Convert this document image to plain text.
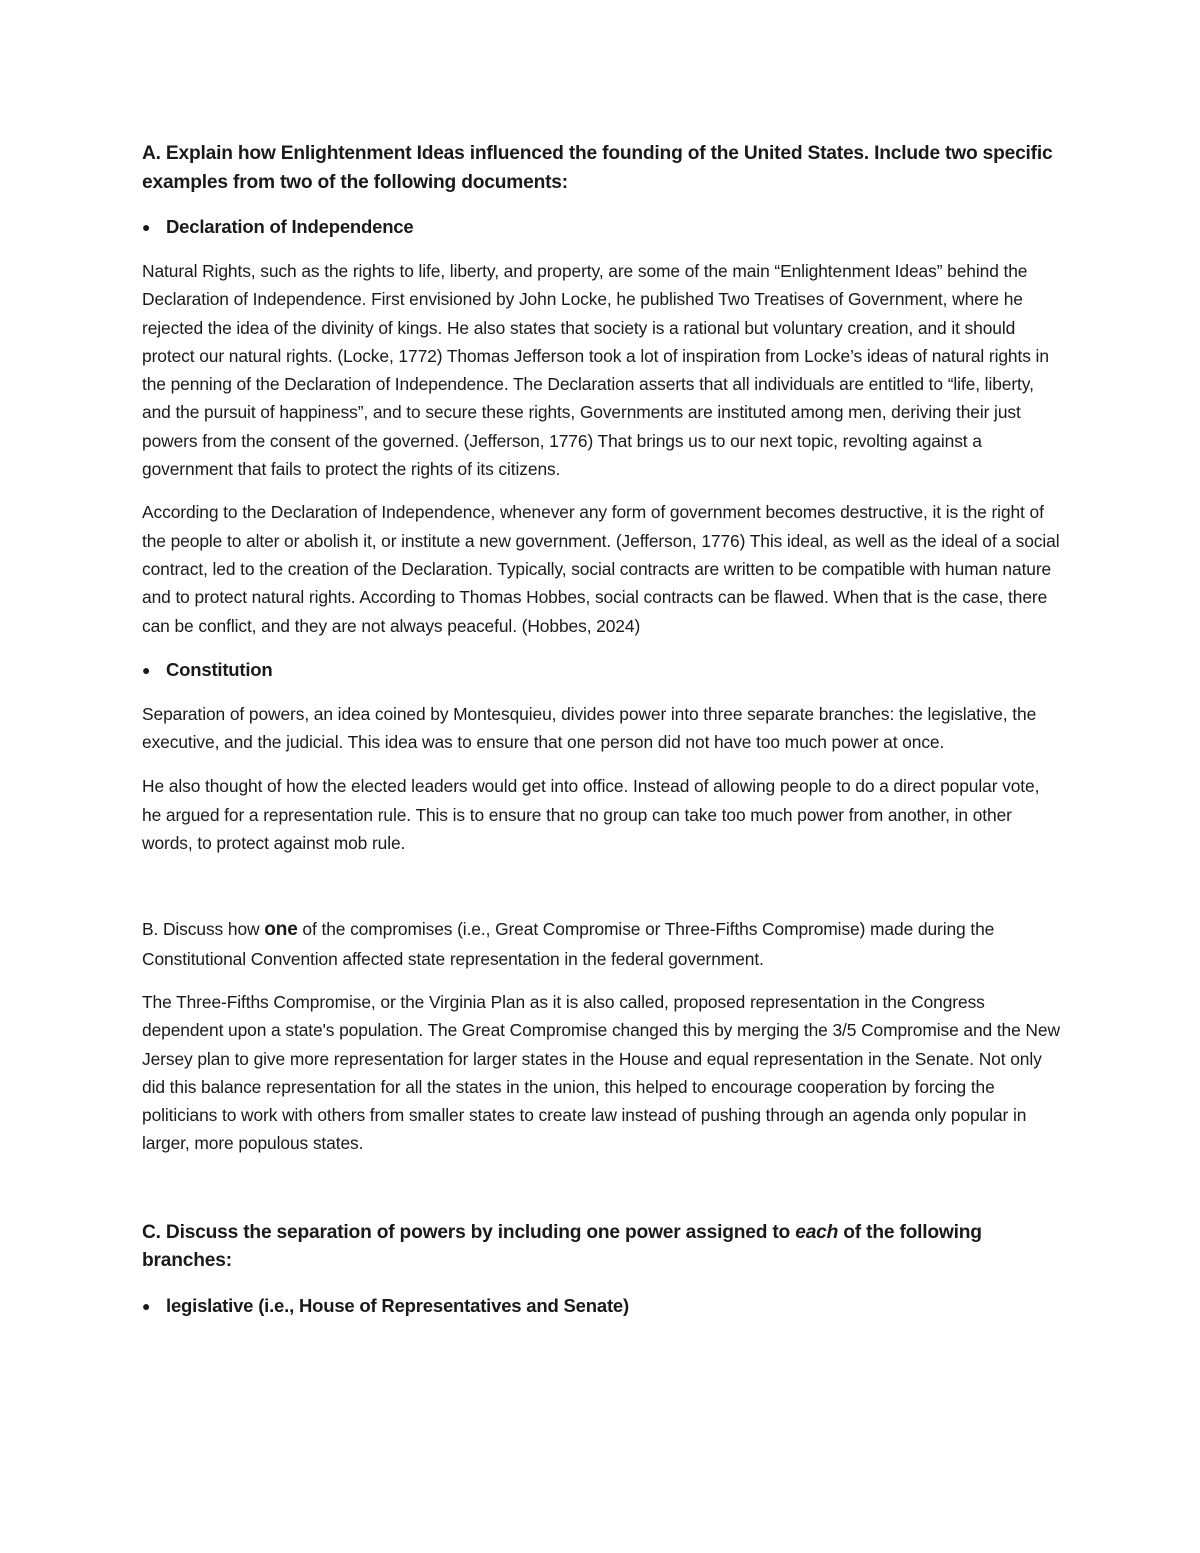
A. Explain how Enlightenment Ideas influenced the founding of the United States. Include two specific examples from two of the following documents:

● Declaration of Independence

Natural Rights, such as the rights to life, liberty, and property, are some of the main “Enlightenment Ideas” behind the Declaration of Independence. First envisioned by John Locke, he published Two Treatises of Government, where he rejected the idea of the divinity of kings. He also states that society is a rational but voluntary creation, and it should protect our natural rights. (Locke, 1772) Thomas Jefferson took a lot of inspiration from Locke’s ideas of natural rights in the penning of the Declaration of Independence. The Declaration asserts that all individuals are entitled to “life, liberty, and the pursuit of happiness”, and to secure these rights, Governments are instituted among men, deriving their just powers from the consent of the governed. (Jefferson, 1776) That brings us to our next topic, revolting against a government that fails to protect the rights of its citizens.

According to the Declaration of Independence, whenever any form of government becomes destructive, it is the right of the people to alter or abolish it, or institute a new government. (Jefferson, 1776) This ideal, as well as the ideal of a social contract, led to the creation of the Declaration. Typically, social contracts are written to be compatible with human nature and to protect natural rights. According to Thomas Hobbes, social contracts can be flawed. When that is the case, there can be conflict, and they are not always peaceful. (Hobbes, 2024)

● Constitution

Separation of powers, an idea coined by Montesquieu, divides power into three separate branches: the legislative, the executive, and the judicial. This idea was to ensure that one person did not have too much power at once.

He also thought of how the elected leaders would get into office. Instead of allowing people to do a direct popular vote, he argued for a representation rule. This is to ensure that no group can take too much power from another, in other words, to protect against mob rule.

B. Discuss how one of the compromises (i.e., Great Compromise or Three-Fifths Compromise) made during the Constitutional Convention affected state representation in the federal government.

The Three-Fifths Compromise, or the Virginia Plan as it is also called, proposed representation in the Congress dependent upon a state's population. The Great Compromise changed this by merging the 3/5 Compromise and the New Jersey plan to give more representation for larger states in the House and equal representation in the Senate. Not only did this balance representation for all the states in the union, this helped to encourage cooperation by forcing the politicians to work with others from smaller states to create law instead of pushing through an agenda only popular in larger, more populous states.

C. Discuss the separation of powers by including one power assigned to each of the following branches:

● legislative (i.e., House of Representatives and Senate)
